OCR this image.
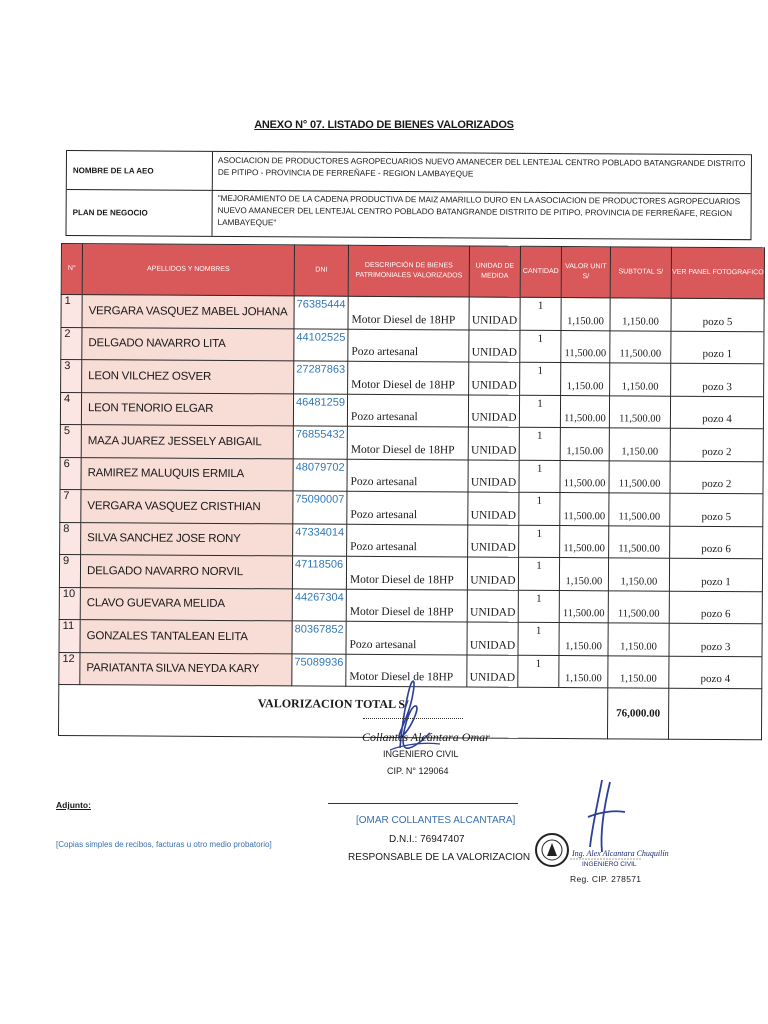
ANEXO N° 07. LISTADO DE BIENES VALORIZADOS
NOMBRE DE LA AEO
ASOCIACION DE PRODUCTORES AGROPECUARIOS NUEVO AMANECER DEL LENTEJAL CENTRO POBLADO BATANGRANDE DISTRITO DE PITIPO - PROVINCIA DE FERREÑAFE - REGION LAMBAYEQUE
PLAN DE NEGOCIO
"MEJORAMIENTO DE LA CADENA PRODUCTIVA DE MAIZ AMARILLO DURO EN LA ASOCIACION DE PRODUCTORES AGROPECUARIOS NUEVO AMANECER DEL LENTEJAL CENTRO POBLADO BATANGRANDE DISTRITO DE PITIPO, PROVINCIA DE FERREÑAFE, REGION LAMBAYEQUE"
N°	APELLIDOS Y NOMBRES	DNI	DESCRIPCIÓN DE BIENES PATRIMONIALES VALORIZADOS	UNIDAD DE MEDIDA	CANTIDAD	VALOR UNIT S/	SUBTOTAL S/	VER PANEL FOTOGRAFICO
1	VERGARA VASQUEZ MABEL JOHANA	76385444	Motor Diesel de 18HP	UNIDAD	1	1,150.00	1,150.00	pozo 5
2	DELGADO NAVARRO LITA	44102525	Pozo artesanal	UNIDAD	1	11,500.00	11,500.00	pozo 1
3	LEON VILCHEZ OSVER	27287863	Motor Diesel de 18HP	UNIDAD	1	1,150.00	1,150.00	pozo 3
4	LEON TENORIO ELGAR	46481259	Pozo artesanal	UNIDAD	1	11,500.00	11,500.00	pozo 4
5	MAZA JUAREZ JESSELY ABIGAIL	76855432	Motor Diesel de 18HP	UNIDAD	1	1,150.00	1,150.00	pozo 2
6	RAMIREZ MALUQUIS ERMILA	48079702	Pozo artesanal	UNIDAD	1	11,500.00	11,500.00	pozo 2
7	VERGARA VASQUEZ CRISTHIAN	75090007	Pozo artesanal	UNIDAD	1	11,500.00	11,500.00	pozo 5
8	SILVA SANCHEZ JOSE RONY	47334014	Pozo artesanal	UNIDAD	1	11,500.00	11,500.00	pozo 6
9	DELGADO NAVARRO NORVIL	47118506	Motor Diesel de 18HP	UNIDAD	1	1,150.00	1,150.00	pozo 1
10	CLAVO GUEVARA MELIDA	44267304	Motor Diesel de 18HP	UNIDAD	1	11,500.00	11,500.00	pozo 6
11	GONZALES TANTALEAN ELITA	80367852	Pozo artesanal	UNIDAD	1	1,150.00	1,150.00	pozo 3
12	PARIATANTA SILVA NEYDA KARY	75089936	Motor Diesel de 18HP	UNIDAD	1	1,150.00	1,150.00	pozo 4
VALORIZACION TOTAL S/							76,000.00	
Collantes Alcántara Omar
INGENIERO CIVIL
CIP. N° 129064
Adjunto:
[Copias simples de recibos, facturas u otro medio probatorio]
[OMAR COLLANTES ALCANTARA]
D.N.I.: 76947407
RESPONSABLE DE LA VALORIZACION	Ing. Alex Alcantara Chuquilín
INGENIERO CIVIL
Reg. CIP. 278571
